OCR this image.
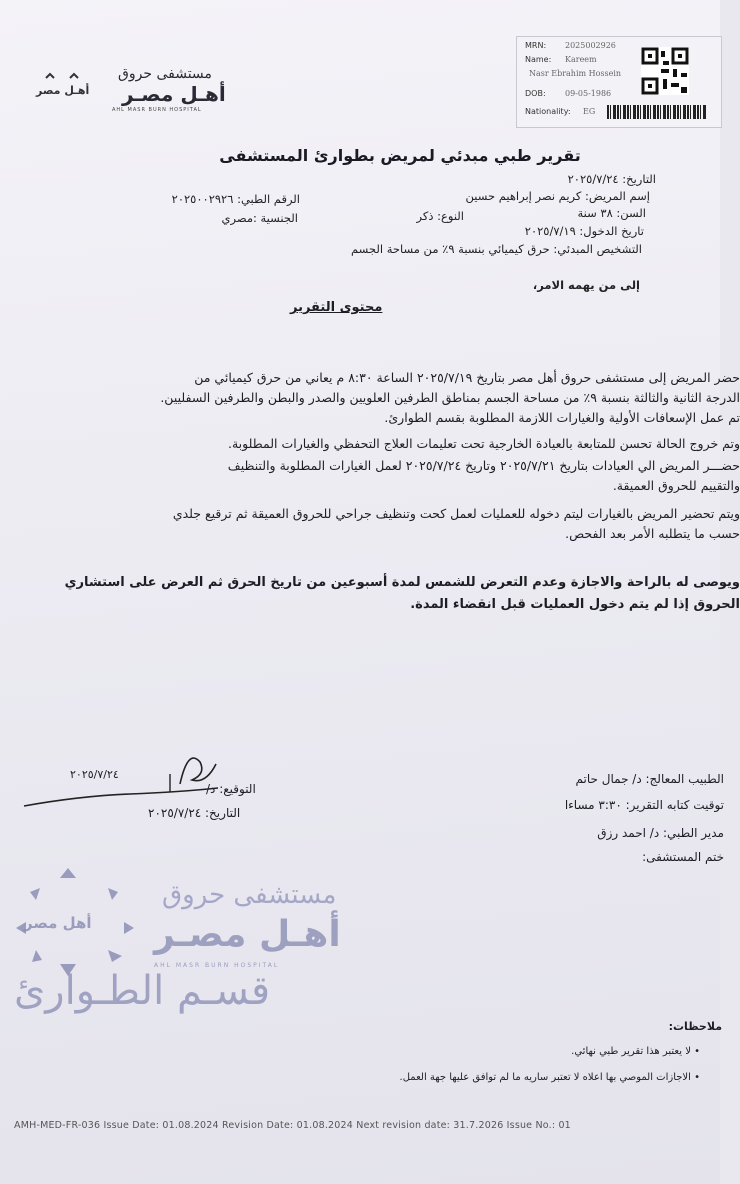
أهـل مصر
مستشفى حروق
أهـل مصـر
AHL MASR BURN HOSPITAL
MRN: 2025002926
Name: Kareem
Nasr Ebrahim Hossein
DOB: 09-05-1986
Nationality: EG
تقرير طبي مبدئي لمريض بطوارئ المستشفى
التاريخ: ٢٠٢٥/٧/٢٤
إسم المريض: كريم نصر إبراهيم حسين
الرقم الطبي: ٢٠٢٥٠٠٢٩٢٦
السن: ٣٨ سنة
النوع: ذكر
الجنسية :مصري
تاريخ الدخول: ٢٠٢٥/٧/١٩
التشخيص المبدئي: حرق كيميائي بنسبة ٩٪ من مساحة الجسم
إلى من يهمه الامر،
محتوى التقرير
حضر المريض إلى مستشفى حروق أهل مصر بتاريخ ٢٠٢٥/٧/١٩ الساعة ٨:٣٠ م يعاني من حرق كيميائي من
الدرجة الثانية والثالثة بنسبة ٩٪ من مساحة الجسم بمناطق الطرفين العلويين والصدر والبطن والطرفين السفليين.
تم عمل الإسعافات الأولية والغيارات اللازمة المطلوبة بقسم الطوارئ.
وتم خروج الحالة تحسن للمتابعة بالعيادة الخارجية تحت تعليمات العلاج التحفظي والغيارات المطلوبة.
حضـــر المريض الي العيادات بتاريخ ٢٠٢٥/٧/٢١ وتاريخ ٢٠٢٥/٧/٢٤ لعمل الغيارات المطلوبة والتنظيف
والتقييم للحروق العميقة.
ويتم تحضير المريض بالغيارات ليتم دخوله للعمليات لعمل كحت وتنظيف جراحي للحروق العميقة ثم ترقيع جلدي
حسب ما يتطلبه الأمر بعد الفحص.
ويوصى له بالراحة والاجازة وعدم التعرض للشمس لمدة أسبوعين من تاريخ الحرق ثم العرض على استشاري
الحروق إذا لم يتم دخول العمليات قبل انقضاء المدة.
الطبيب المعالج: د/ جمال حاتم
توقيت كتابه التقرير: ٣:٣٠ مساءا
مدير الطبي: د/ احمد رزق
ختم المستشفى:
التوقيع: د/
التاريخ: ٢٠٢٥/٧/٢٤
٢٠٢٥/٧/٢٤
أهل مصر
مستشفى حروق
أهـل مصـر
AHL MASR BURN HOSPITAL
قسـم الطـوارئ
ملاحظات:
• لا يعتبر هذا تقرير طبي نهائي.
• الاجازات الموصي بها اعلاه لا تعتبر ساريه ما لم توافق عليها جهة العمل.
AMH-MED-FR-036 Issue Date: 01.08.2024 Revision Date: 01.08.2024 Next revision date: 31.7.2026 Issue No.: 01
